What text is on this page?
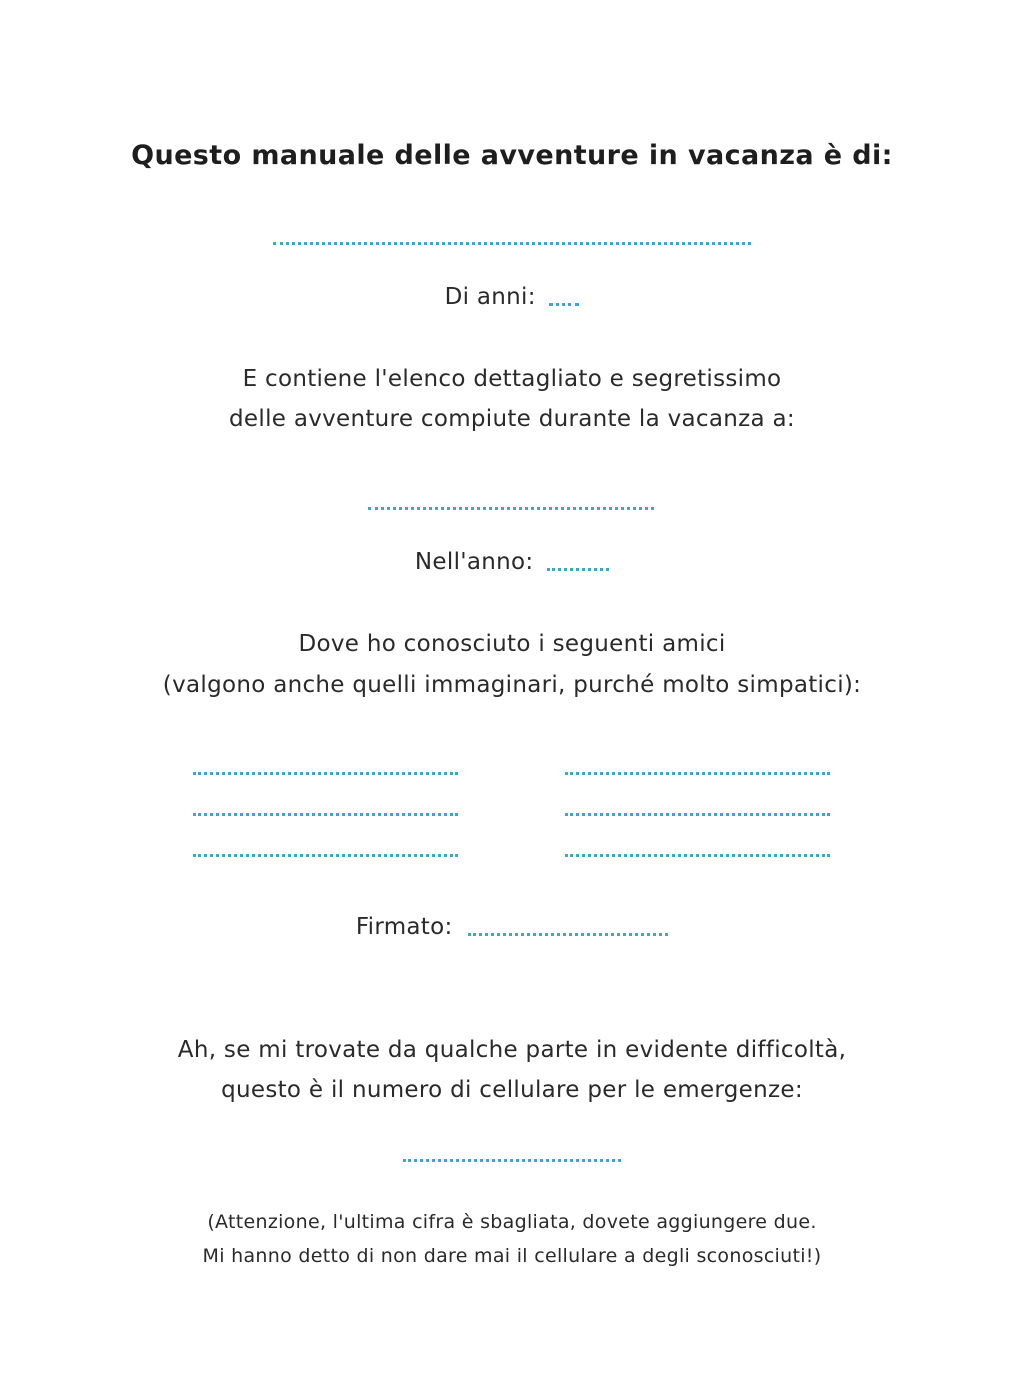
Questo manuale delle avventure in vacanza è di:
Di anni:
E contiene l'elenco dettagliato e segretissimo
delle avventure compiute durante la vacanza a:
Nell'anno:
Dove ho conosciuto i seguenti amici
(valgono anche quelli immaginari, purché molto simpatici):
Firmato:
Ah, se mi trovate da qualche parte in evidente difficoltà,
questo è il numero di cellulare per le emergenze:
(Attenzione, l'ultima cifra è sbagliata, dovete aggiungere due.
Mi hanno detto di non dare mai il cellulare a degli sconosciuti!)
